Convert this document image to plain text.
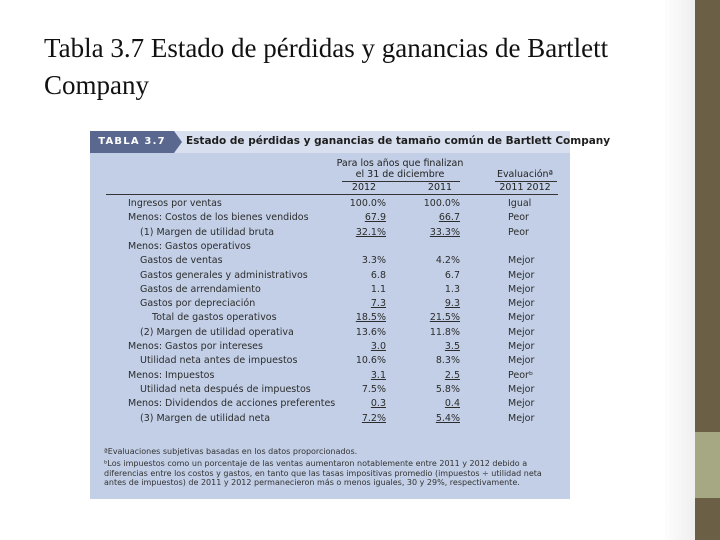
Tabla 3.7 Estado de pérdidas y ganancias de Bartlett Company
TABLA 3.7	Estado de pérdidas y ganancias de tamaño común de Bartlett Company
Para los años que finalizan
el 31 de diciembre
2012	2011
Evaluaciónª
2011 2012
Ingresos por ventas	100.0%	100.0%	Igual
Menos: Costos de los bienes vendidos	67.9	66.7	Peor
(1) Margen de utilidad bruta	32.1%	33.3%	Peor
Menos: Gastos operativos
Gastos de ventas	3.3%	4.2%	Mejor
Gastos generales y administrativos	6.8	6.7	Mejor
Gastos de arrendamiento	1.1	1.3	Mejor
Gastos por depreciación	7.3	9.3	Mejor
Total de gastos operativos	18.5%	21.5%	Mejor
(2) Margen de utilidad operativa	13.6%	11.8%	Mejor
Menos: Gastos por intereses	3.0	3.5	Mejor
Utilidad neta antes de impuestos	10.6%	8.3%	Mejor
Menos: Impuestos	3.1	2.5	Peorᵇ
Utilidad neta después de impuestos	7.5%	5.8%	Mejor
Menos: Dividendos de acciones preferentes	0.3	0.4	Mejor
(3) Margen de utilidad neta	7.2%	5.4%	Mejor
ªEvaluaciones subjetivas basadas en los datos proporcionados.
ᵇLos impuestos como un porcentaje de las ventas aumentaron notablemente entre 2011 y 2012 debido a diferencias entre los costos y gastos, en tanto que las tasas impositivas promedio (impuestos ÷ utilidad neta antes de impuestos) de 2011 y 2012 permanecieron más o menos iguales, 30 y 29%, respectivamente.
